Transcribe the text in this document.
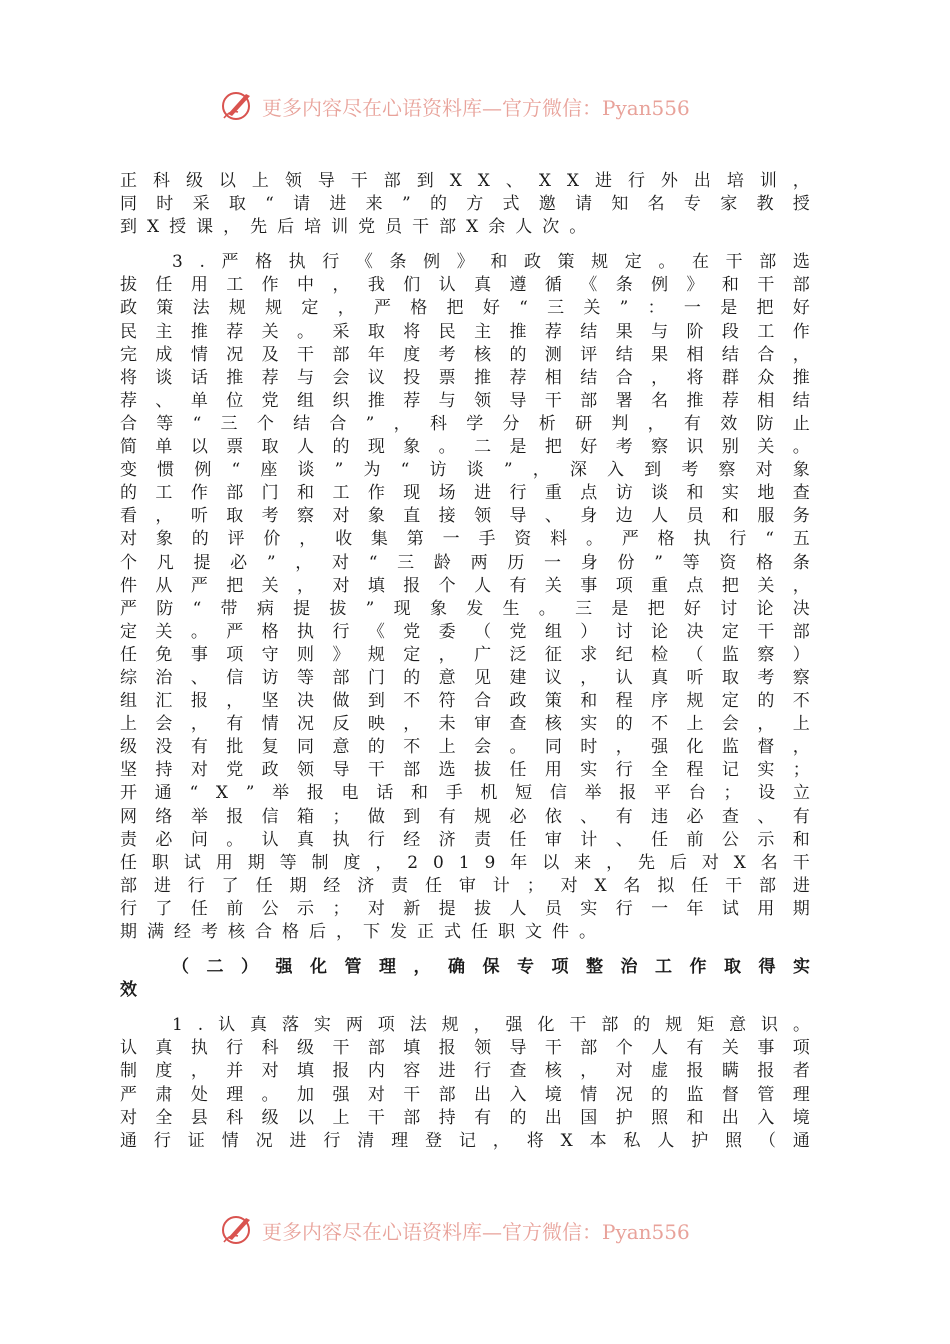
更多内容尽在心语资料库—官方微信：Pyan556
正 科 级 以 上 领 导 干 部 到 X X 、 X X 进 行 外 出 培 训 ，
同 时 采 取 “ 请 进 来 ” 的 方 式 邀 请 知 名 专 家 教 授
到X授课，先后培训党员干部X余人次。
3 . 严 格 执 行 《 条 例 》 和 政 策 规 定 。 在 干 部 选
拔 任 用 工 作 中 ， 我 们 认 真 遵 循 《 条 例 》 和 干 部
政 策 法 规 规 定 ， 严 格 把 好 “ 三 关 ” ： 一 是 把 好
民 主 推 荐 关 。 采 取 将 民 主 推 荐 结 果 与 阶 段 工 作
完 成 情 况 及 干 部 年 度 考 核 的 测 评 结 果 相 结 合 ，
将 谈 话 推 荐 与 会 议 投 票 推 荐 相 结 合 ， 将 群 众 推
荐 、 单 位 党 组 织 推 荐 与 领 导 干 部 署 名 推 荐 相 结
合 等 “ 三 个 结 合 ” ， 科 学 分 析 研 判 ， 有 效 防 止
简 单 以 票 取 人 的 现 象 。 二 是 把 好 考 察 识 别 关 。
变 惯 例 “ 座 谈 ” 为 “ 访 谈 ” ， 深 入 到 考 察 对 象
的 工 作 部 门 和 工 作 现 场 进 行 重 点 访 谈 和 实 地 查
看 ， 听 取 考 察 对 象 直 接 领 导 、 身 边 人 员 和 服 务
对 象 的 评 价 ， 收 集 第 一 手 资 料 。 严 格 执 行 “ 五
个 凡 提 必 ” ， 对 “ 三 龄 两 历 一 身 份 ” 等 资 格 条
件 从 严 把 关 ， 对 填 报 个 人 有 关 事 项 重 点 把 关 ，
严 防 “ 带 病 提 拔 ” 现 象 发 生 。 三 是 把 好 讨 论 决
定 关 。 严 格 执 行 《 党 委 （ 党 组 ） 讨 论 决 定 干 部
任 免 事 项 守 则 》 规 定 ， 广 泛 征 求 纪 检 （ 监 察 ）
综 治 、 信 访 等 部 门 的 意 见 建 议 ， 认 真 听 取 考 察
组 汇 报 ， 坚 决 做 到 不 符 合 政 策 和 程 序 规 定 的 不
上 会 ， 有 情 况 反 映 ， 未 审 查 核 实 的 不 上 会 ， 上
级 没 有 批 复 同 意 的 不 上 会 。 同 时 ， 强 化 监 督 ，
坚 持 对 党 政 领 导 干 部 选 拔 任 用 实 行 全 程 记 实 ；
开 通 “ X ” 举 报 电 话 和 手 机 短 信 举 报 平 台 ； 设 立
网 络 举 报 信 箱 ； 做 到 有 规 必 依 、 有 违 必 查 、 有
责 必 问 。 认 真 执 行 经 济 责 任 审 计 、 任 前 公 示 和
任 职 试 用 期 等 制 度 ， 2 0 1 9 年 以 来 ， 先 后 对 X 名 干
部 进 行 了 任 期 经 济 责 任 审 计 ； 对 X 名 拟 任 干 部 进
行 了 任 前 公 示 ； 对 新 提 拔 人 员 实 行 一 年 试 用 期
期满经考核合格后，下发正式任职文件。
（ 二 ） 强 化 管 理 ， 确 保 专 项 整 治 工 作 取 得 实
效
1 . 认 真 落 实 两 项 法 规 ， 强 化 干 部 的 规 矩 意 识 。
认 真 执 行 科 级 干 部 填 报 领 导 干 部 个 人 有 关 事 项
制 度 ， 并 对 填 报 内 容 进 行 查 核 ， 对 虚 报 瞒 报 者
严 肃 处 理 。 加 强 对 干 部 出 入 境 情 况 的 监 督 管 理
对 全 县 科 级 以 上 干 部 持 有 的 出 国 护 照 和 出 入 境
通 行 证 情 况 进 行 清 理 登 记 ， 将 X 本 私 人 护 照 （ 通
更多内容尽在心语资料库—官方微信：Pyan556
